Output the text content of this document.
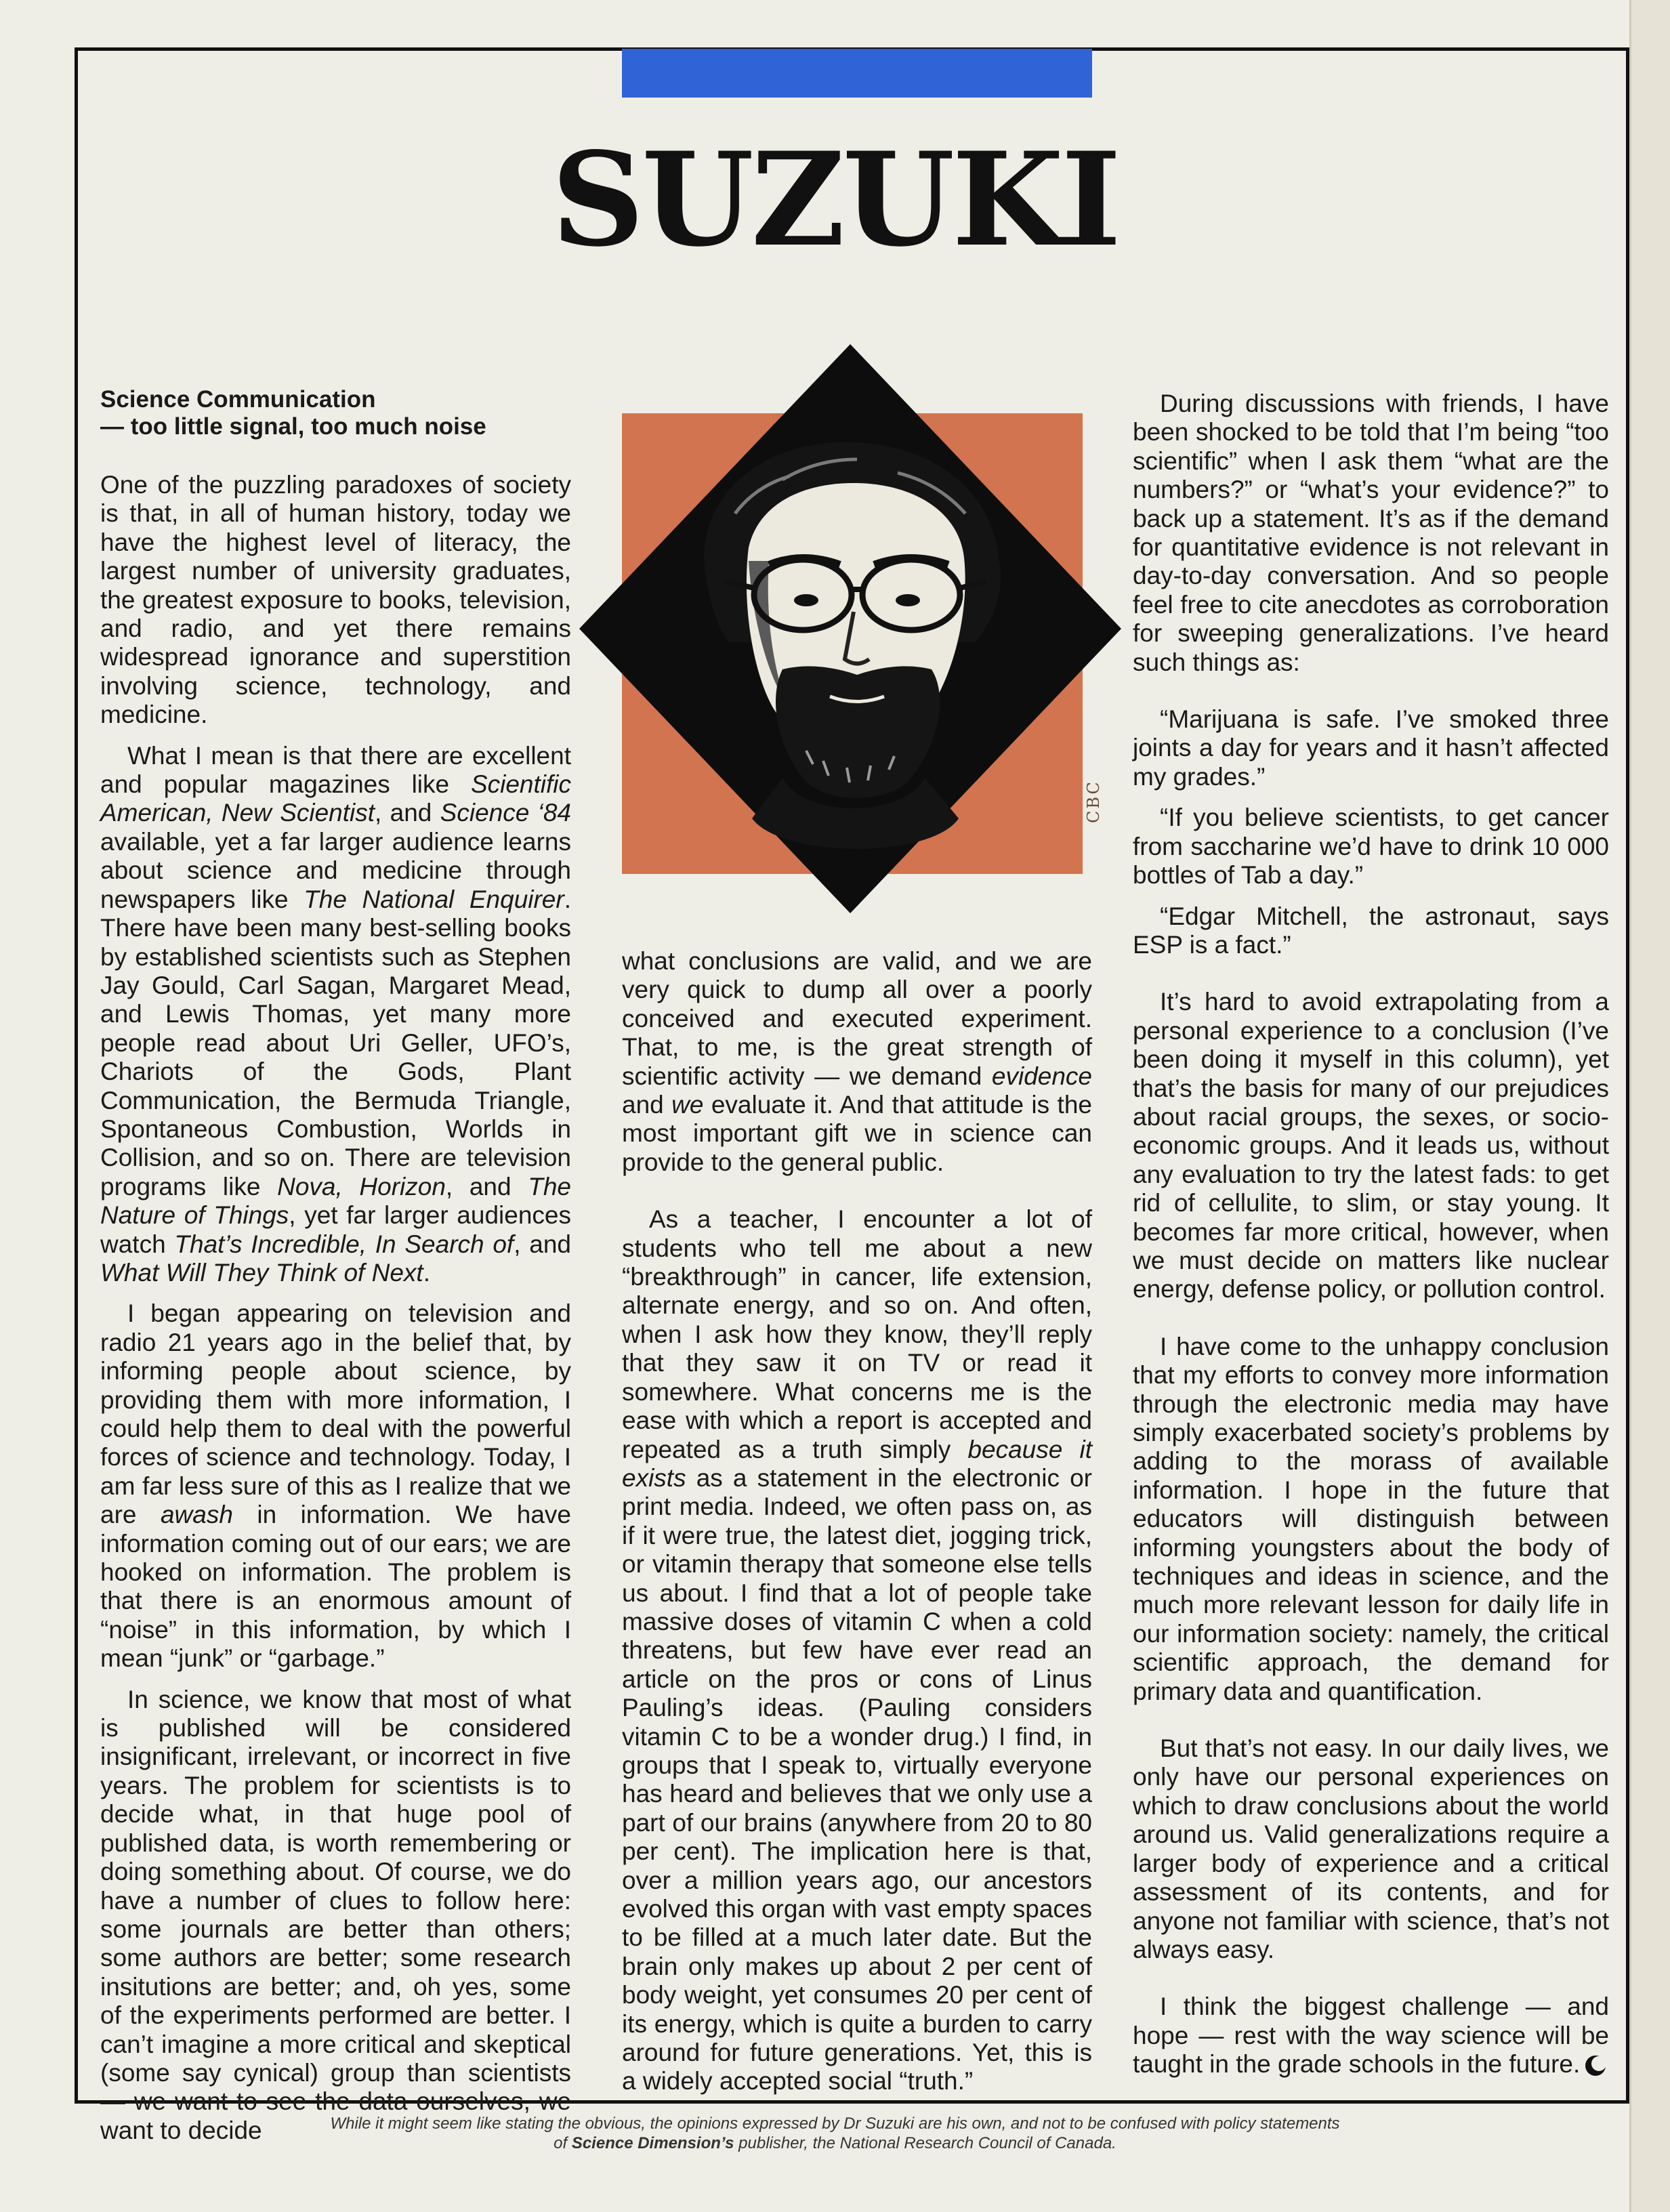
SUZUKI
Science Communication
— too little signal, too much noise
CBC

One of the puzzling paradoxes of society is that, in all of human history, today we have the highest level of literacy, the largest number of university graduates, the greatest exposure to books, television, and radio, and yet there remains widespread ignorance and superstition involving science, technology, and medicine.

What I mean is that there are excellent and popular magazines like Scientific American, New Scientist, and Science ‘84 available, yet a far larger audience learns about science and medicine through newspapers like The National Enquirer. There have been many best-selling books by established scientists such as Stephen Jay Gould, Carl Sagan, Margaret Mead, and Lewis Thomas, yet many more people read about Uri Geller, UFO’s, Chariots of the Gods, Plant Communication, the Bermuda Triangle, Spontaneous Combustion, Worlds in Collision, and so on. There are television programs like Nova, Horizon, and The Nature of Things, yet far larger audiences watch That’s Incredible, In Search of, and What Will They Think of Next.

I began appearing on television and radio 21 years ago in the belief that, by informing people about science, by providing them with more information, I could help them to deal with the powerful forces of science and technology. Today, I am far less sure of this as I realize that we are awash in information. We have information coming out of our ears; we are hooked on information. The problem is that there is an enormous amount of “noise” in this information, by which I mean “junk” or “garbage.”

In science, we know that most of what is published will be considered insignificant, irrelevant, or incorrect in five years. The problem for scientists is to decide what, in that huge pool of published data, is worth remembering or doing something about. Of course, we do have a number of clues to follow here: some journals are better than others; some authors are better; some research insitutions are better; and, oh yes, some of the experiments performed are better. I can’t imagine a more critical and skeptical (some say cynical) group than scientists — we want to see the data ourselves, we want to decide

what conclusions are valid, and we are very quick to dump all over a poorly conceived and executed experiment. That, to me, is the great strength of scientific activity — we demand evidence and we evaluate it. And that attitude is the most important gift we in science can provide to the general public.

As a teacher, I encounter a lot of students who tell me about a new “breakthrough” in cancer, life extension, alternate energy, and so on. And often, when I ask how they know, they’ll reply that they saw it on TV or read it somewhere. What concerns me is the ease with which a report is accepted and repeated as a truth simply because it exists as a statement in the electronic or print media. Indeed, we often pass on, as if it were true, the latest diet, jogging trick, or vitamin therapy that someone else tells us about. I find that a lot of people take massive doses of vitamin C when a cold threatens, but few have ever read an article on the pros or cons of Linus Pauling’s ideas. (Pauling considers vitamin C to be a wonder drug.) I find, in groups that I speak to, virtually everyone has heard and believes that we only use a part of our brains (anywhere from 20 to 80 per cent). The implication here is that, over a million years ago, our ancestors evolved this organ with vast empty spaces to be filled at a much later date. But the brain only makes up about 2 per cent of body weight, yet consumes 20 per cent of its energy, which is quite a burden to carry around for future generations. Yet, this is a widely accepted social “truth.”

During discussions with friends, I have been shocked to be told that I’m being “too scientific” when I ask them “what are the numbers?” or “what’s your evidence?” to back up a statement. It’s as if the demand for quantitative evidence is not relevant in day-to-day conversation. And so people feel free to cite anecdotes as corroboration for sweeping generalizations. I’ve heard such things as:

“Marijuana is safe. I’ve smoked three joints a day for years and it hasn’t affected my grades.”

“If you believe scientists, to get cancer from saccharine we’d have to drink 10 000 bottles of Tab a day.”

“Edgar Mitchell, the astronaut, says ESP is a fact.”

It’s hard to avoid extrapolating from a personal experience to a conclusion (I’ve been doing it myself in this column), yet that’s the basis for many of our prejudices about racial groups, the sexes, or socio-economic groups. And it leads us, without any evaluation to try the latest fads: to get rid of cellulite, to slim, or stay young. It becomes far more critical, however, when we must decide on matters like nuclear energy, defense policy, or pollution control.

I have come to the unhappy conclusion that my efforts to convey more information through the electronic media may have simply exacerbated society’s problems by adding to the morass of available information. I hope in the future that educators will distinguish between informing youngsters about the body of techniques and ideas in science, and the much more relevant lesson for daily life in our information society: namely, the critical scientific approach, the demand for primary data and quantification.

But that’s not easy. In our daily lives, we only have our personal experiences on which to draw conclusions about the world around us. Valid generalizations require a larger body of experience and a critical assessment of its contents, and for anyone not familiar with science, that’s not always easy.

I think the biggest challenge — and hope — rest with the way science will be taught in the grade schools in the future.

While it might seem like stating the obvious, the opinions expressed by Dr Suzuki are his own, and not to be confused with policy statements
of Science Dimension’s publisher, the National Research Council of Canada.
